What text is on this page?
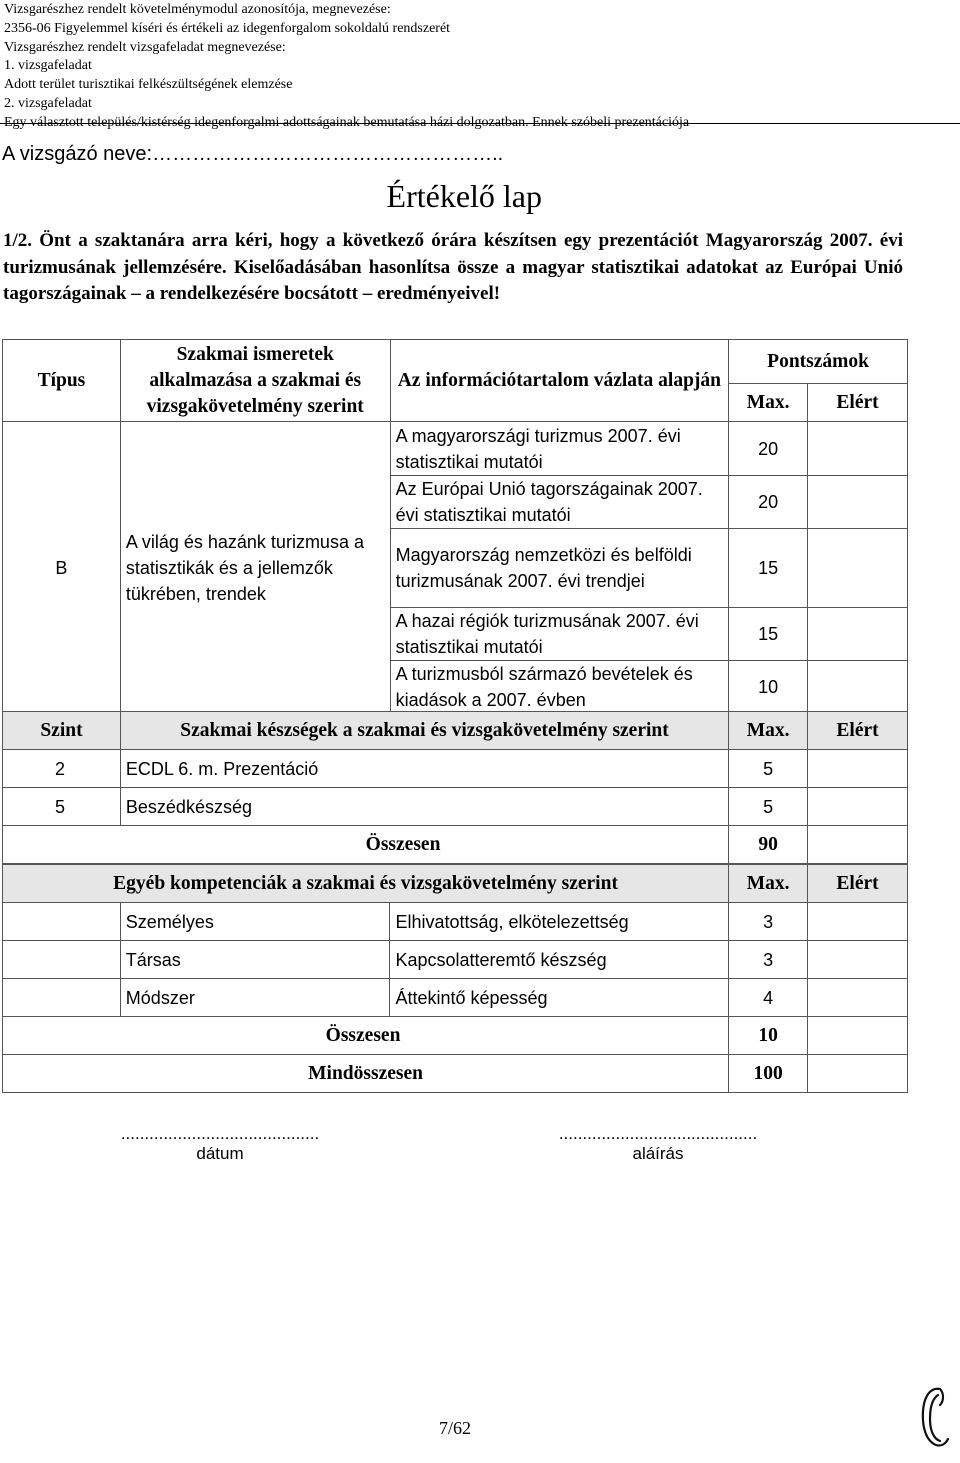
Vizsgarészhez rendelt követelménymodul azonosítója, megnevezése:
2356-06 Figyelemmel kíséri és értékeli az idegenforgalom sokoldalú rendszerét
Vizsgarészhez rendelt vizsgafeladat megnevezése:
1. vizsgafeladat
Adott terület turisztikai felkészültségének elemzése
2. vizsgafeladat
Egy választott település/kistérség idegenforgalmi adottságainak bemutatása házi dolgozatban. Ennek szóbeli prezentációja
A vizsgázó neve:……………………………………………..
Értékelő lap
1/2. Önt a szaktanára arra kéri, hogy a következő órára készítsen egy prezentációt Magyarország 2007. évi turizmusának jellemzésére. Kiselőadásában hasonlítsa össze a magyar statisztikai adatokat az Európai Unió tagországainak – a rendelkezésére bocsátott – eredményeivel!
Típus	Szakmai ismeretek alkalmazása a szakmai és vizsgakövetelmény szerint	Az információtartalom vázlata alapján	Pontszámok	
			Max.	Elért
B	A világ és hazánk turizmusa a statisztikák és a jellemzők tükrében, trendek	A magyarországi turizmus 2007. évi statisztikai mutatói	20	
		Az Európai Unió tagországainak 2007. évi statisztikai mutatói	20	
		Magyarország nemzetközi és belföldi turizmusának 2007. évi trendjei	15	
		A hazai régiók turizmusának 2007. évi statisztikai mutatói	15	
		A turizmusból származó bevételek és kiadások a 2007. évben	10	
Szint	Szakmai készségek a szakmai és vizsgakövetelmény szerint	Max.	Elért
2	ECDL 6. m. Prezentáció	5	
5	Beszédkészség	5	
Összesen		90	
Egyéb kompetenciák a szakmai és vizsgakövetelmény szerint			Max.	Elért
	Személyes	Elhivatottság, elkötelezettség	3	
	Társas	Kapcsolatteremtő készség	3	
	Módszer	Áttekintő képesség	4	
Összesen			10	
Mindösszesen			100	
..........................................
dátum
..........................................
aláírás
7/62
